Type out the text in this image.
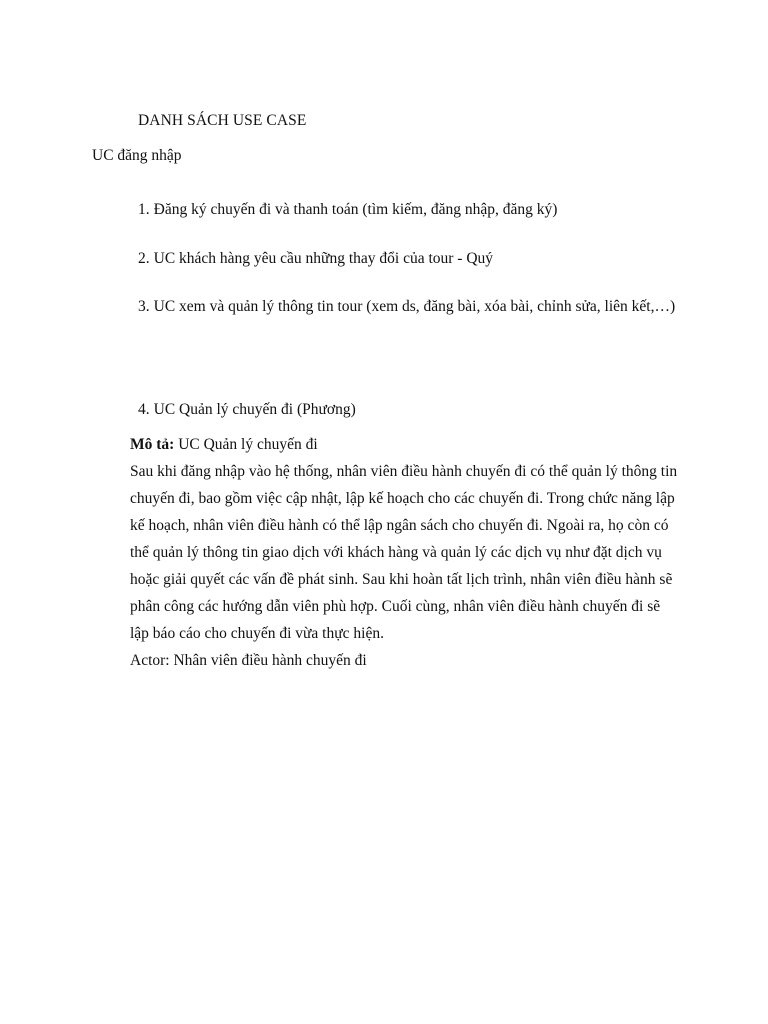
DANH SÁCH USE CASE

UC đăng nhập

1. Đăng ký chuyến đi và thanh toán (tìm kiếm, đăng nhập, đăng ký)
2. UC khách hàng yêu cầu những thay đổi của tour - Quý
3. UC xem và quản lý thông tin tour (xem ds, đăng bài, xóa bài, chỉnh sửa, liên kết,…)
4. UC Quản lý chuyến đi (Phương)

Mô tả: UC Quản lý chuyến đi

Sau khi đăng nhập vào hệ thống, nhân viên điều hành chuyến đi có thể quản lý thông tin chuyến đi, bao gồm việc cập nhật, lập kế hoạch cho các chuyến đi. Trong chức năng lập kế hoạch, nhân viên điều hành có thể lập ngân sách cho chuyến đi. Ngoài ra, họ còn có thể quản lý thông tin giao dịch với khách hàng và quản lý các dịch vụ như đặt dịch vụ hoặc giải quyết các vấn đề phát sinh. Sau khi hoàn tất lịch trình, nhân viên điều hành sẽ phân công các hướng dẫn viên phù hợp. Cuối cùng, nhân viên điều hành chuyến đi sẽ lập báo cáo cho chuyến đi vừa thực hiện.

Actor: Nhân viên điều hành chuyến đi
